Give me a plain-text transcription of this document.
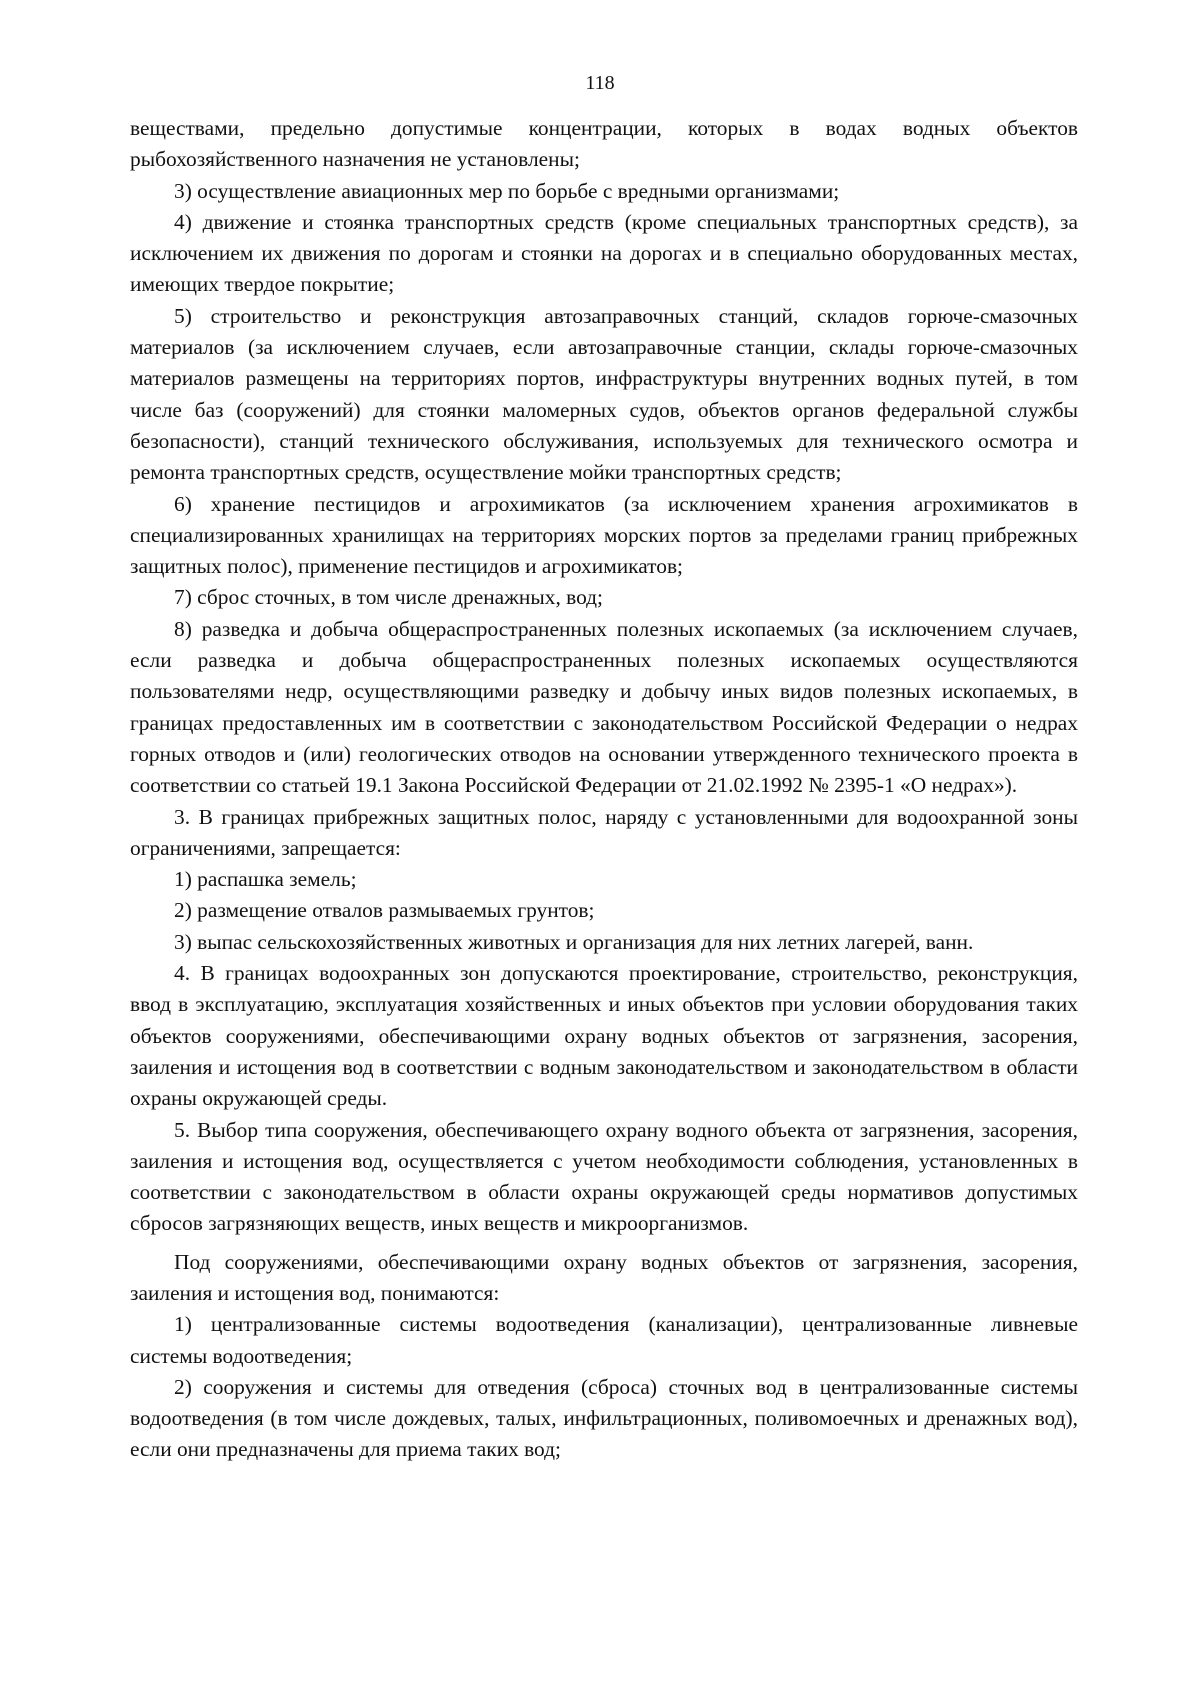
118

веществами, предельно допустимые концентрации, которых в водах водных объектов рыбохозяйственного назначения не установлены;

3) осуществление авиационных мер по борьбе с вредными организмами;

4) движение и стоянка транспортных средств (кроме специальных транспортных средств), за исключением их движения по дорогам и стоянки на дорогах и в специально оборудованных местах, имеющих твердое покрытие;

5) строительство и реконструкция автозаправочных станций, складов горюче-смазочных материалов (за исключением случаев, если автозаправочные станции, склады горюче-смазочных материалов размещены на территориях портов, инфраструктуры внутренних водных путей, в том числе баз (сооружений) для стоянки маломерных судов, объектов органов федеральной службы безопасности), станций технического обслуживания, используемых для технического осмотра и ремонта транспортных средств, осуществление мойки транспортных средств;

6) хранение пестицидов и агрохимикатов (за исключением хранения агрохимикатов в специализированных хранилищах на территориях морских портов за пределами границ прибрежных защитных полос), применение пестицидов и агрохимикатов;

7) сброс сточных, в том числе дренажных, вод;

8) разведка и добыча общераспространенных полезных ископаемых (за исключением случаев, если разведка и добыча общераспространенных полезных ископаемых осуществляются пользователями недр, осуществляющими разведку и добычу иных видов полезных ископаемых, в границах предоставленных им в соответствии с законодательством Российской Федерации о недрах горных отводов и (или) геологических отводов на основании утвержденного технического проекта в соответствии со статьей 19.1 Закона Российской Федерации от 21.02.1992 № 2395-1 «О недрах»).

3. В границах прибрежных защитных полос, наряду с установленными для водоохранной зоны ограничениями, запрещается:

1) распашка земель;

2) размещение отвалов размываемых грунтов;

3) выпас сельскохозяйственных животных и организация для них летних лагерей, ванн.

4. В границах водоохранных зон допускаются проектирование, строительство, реконструкция, ввод в эксплуатацию, эксплуатация хозяйственных и иных объектов при условии оборудования таких объектов сооружениями, обеспечивающими охрану водных объектов от загрязнения, засорения, заиления и истощения вод в соответствии с водным законодательством и законодательством в области охраны окружающей среды.

5. Выбор типа сооружения, обеспечивающего охрану водного объекта от загрязнения, засорения, заиления и истощения вод, осуществляется с учетом необходимости соблюдения, установленных в соответствии с законодательством в области охраны окружающей среды нормативов допустимых сбросов загрязняющих веществ, иных веществ и микроорганизмов.

Под сооружениями, обеспечивающими охрану водных объектов от загрязнения, засорения, заиления и истощения вод, понимаются:

1) централизованные системы водоотведения (канализации), централизованные ливневые системы водоотведения;

2) сооружения и системы для отведения (сброса) сточных вод в централизованные системы водоотведения (в том числе дождевых, талых, инфильтрационных, поливомоечных и дренажных вод), если они предназначены для приема таких вод;
